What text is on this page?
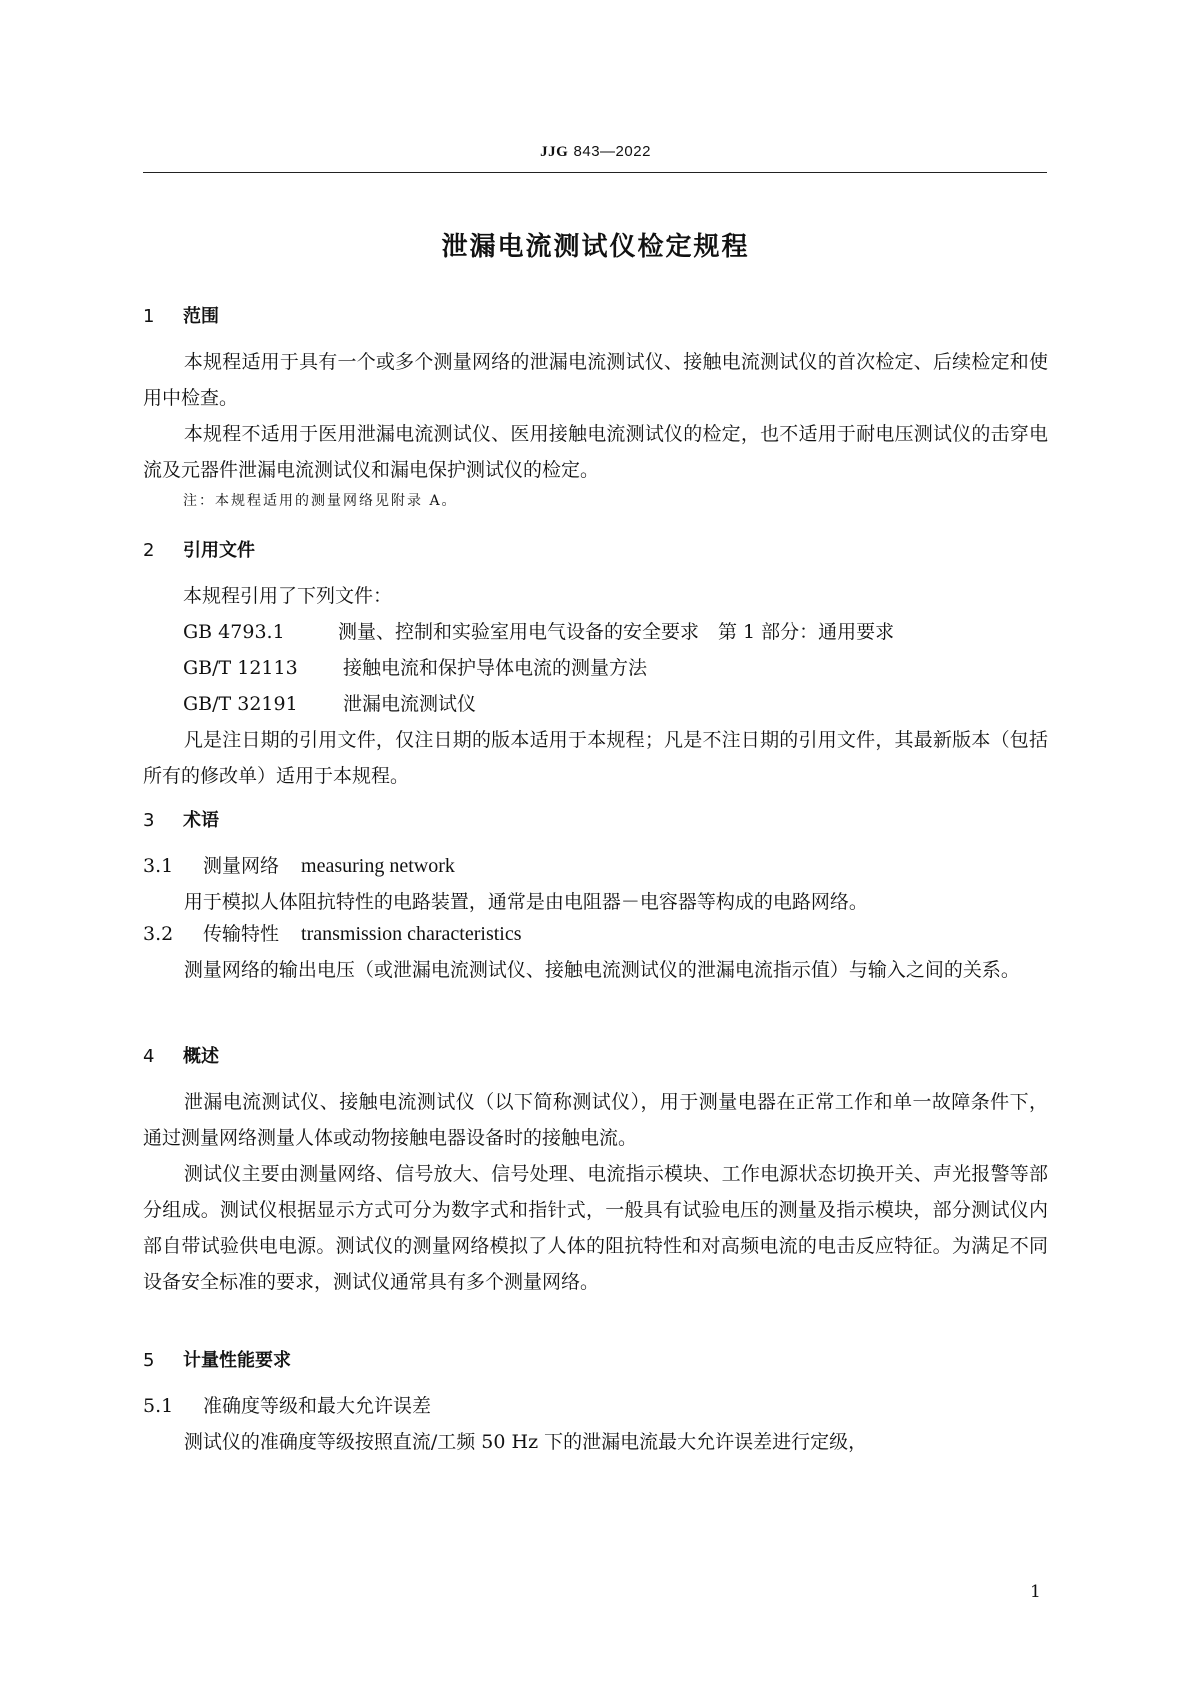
JJG 843—2022
泄漏电流测试仪检定规程
1 范围
本规程适用于具有一个或多个测量网络的泄漏电流测试仪、接触电流测试仪的首次检定、后续检定和使用中检查。
本规程不适用于医用泄漏电流测试仪、医用接触电流测试仪的检定，也不适用于耐电压测试仪的击穿电流及元器件泄漏电流测试仪和漏电保护测试仪的检定。
注：本规程适用的测量网络见附录 A。
2 引用文件
本规程引用了下列文件：
GB 4793.1	测量、控制和实验室用电气设备的安全要求　第 1 部分：通用要求
GB/T 12113 接触电流和保护导体电流的测量方法
GB/T 32191 泄漏电流测试仪
凡是注日期的引用文件，仅注日期的版本适用于本规程；凡是不注日期的引用文件，其最新版本（包括所有的修改单）适用于本规程。
3 术语
3.1 测量网络 measuring network
用于模拟人体阻抗特性的电路装置，通常是由电阻器－电容器等构成的电路网络。
3.2 传输特性 transmission characteristics
测量网络的输出电压（或泄漏电流测试仪、接触电流测试仪的泄漏电流指示值）与输入之间的关系。
4 概述
泄漏电流测试仪、接触电流测试仪（以下简称测试仪），用于测量电器在正常工作和单一故障条件下，通过测量网络测量人体或动物接触电器设备时的接触电流。
测试仪主要由测量网络、信号放大、信号处理、电流指示模块、工作电源状态切换开关、声光报警等部分组成。测试仪根据显示方式可分为数字式和指针式，一般具有试验电压的测量及指示模块，部分测试仪内部自带试验供电电源。测试仪的测量网络模拟了人体的阻抗特性和对高频电流的电击反应特征。为满足不同设备安全标准的要求，测试仪通常具有多个测量网络。
5 计量性能要求
5.1 准确度等级和最大允许误差
测试仪的准确度等级按照直流/工频 50 Hz 下的泄漏电流最大允许误差进行定级，
1
